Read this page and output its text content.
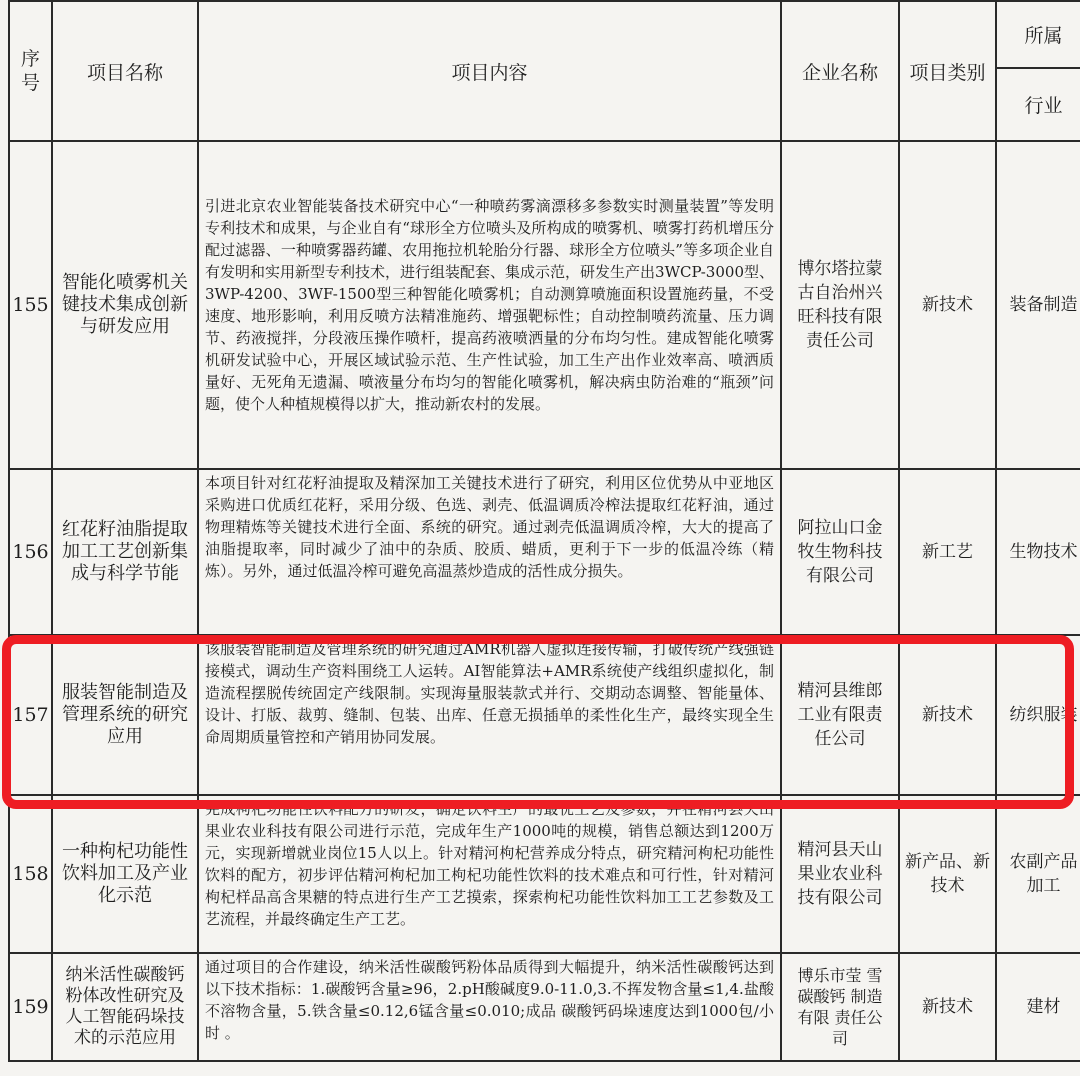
序号	项目名称	项目内容	企业名称	项目类别	所属
					行业
155	智能化喷雾机关键技术集成创新与研发应用	引进北京农业智能装备技术研究中心“一种喷药雾滴漂移多参数实时测量装置”等发明专利技术和成果，与企业自有“球形全方位喷头及所构成的喷雾机、喷雾打药机增压分配过滤器、一种喷雾器药罐、农用拖拉机轮胎分行器、球形全方位喷头”等多项企业自有发明和实用新型专利技术，进行组装配套、集成示范，研发生产出3WCP-3000型、3WP-4200、3WF-1500型三种智能化喷雾机；自动测算喷施面积设置施药量，不受速度、地形影响，利用反喷方法精准施药、增强靶标性；自动控制喷药流量、压力调节、药液搅拌，分段液压操作喷杆，提高药液喷洒量的分布均匀性。建成智能化喷雾机研发试验中心，开展区域试验示范、生产性试验，加工生产出作业效率高、喷洒质量好、无死角无遗漏、喷液量分布均匀的智能化喷雾机，解决病虫防治难的“瓶颈”问题，使个人种植规模得以扩大，推动新农村的发展。	博尔塔拉蒙古自治州兴旺科技有限责任公司	新技术	装备制造
156	红花籽油脂提取加工工艺创新集成与科学节能	本项目针对红花籽油提取及精深加工关键技术进行了研究，利用区位优势从中亚地区采购进口优质红花籽，采用分级、色选、剥壳、低温调质冷榨法提取红花籽油，通过物理精炼等关键技术进行全面、系统的研究。通过剥壳低温调质冷榨，大大的提高了油脂提取率，同时减少了油中的杂质、胶质、蜡质，更利于下一步的低温冷练（精炼）。另外，通过低温冷榨可避免高温蒸炒造成的活性成分损失。	阿拉山口金牧生物科技有限公司	新工艺	生物技术
157	服装智能制造及管理系统的研究应用	该服装智能制造及管理系统的研究通过AMR机器人虚拟连接传输，打破传统产线强链接模式，调动生产资料围绕工人运转。AI智能算法+AMR系统使产线组织虚拟化，制造流程摆脱传统固定产线限制。实现海量服装款式并行、交期动态调整、智能量体、设计、打版、裁剪、缝制、包装、出库、任意无损插单的柔性化生产，最终实现全生命周期质量管控和产销用协同发展。	精河县维郎工业有限责任公司	新技术	纺织服装
158	一种枸杞功能性饮料加工及产业化示范	完成枸杞功能性饮料配方的研发，确定饮料生产的最优工艺及参数，并在精河县天山果业农业科技有限公司进行示范，完成年生产1000吨的规模，销售总额达到1200万元，实现新增就业岗位15人以上。针对精河枸杞营养成分特点，研究精河枸杞功能性饮料的配方，初步评估精河枸杞加工枸杞功能性饮料的技术难点和可行性，针对精河枸杞样品高含果糖的特点进行生产工艺摸索，探索枸杞功能性饮料加工工艺参数及工艺流程，并最终确定生产工艺。	精河县天山果业农业科技有限公司	新产品、新技术	农副产品加工
159	纳米活性碳酸钙粉体改性研究及人工智能码垛技术的示范应用	通过项目的合作建设，纳米活性碳酸钙粉体品质得到大幅提升，纳米活性碳酸钙达到以下技术指标：1.碳酸钙含量≥96，2.pH酸碱度9.0-11.0,3.不挥发物含量≤1,4.盐酸不溶物含量，5.铁含量≤0.12,6锰含量≤0.010;成品 碳酸钙码垛速度达到1000包/小时 。	博乐市莹 雪碳酸钙 制造有限 责任公司	新技术	建材
